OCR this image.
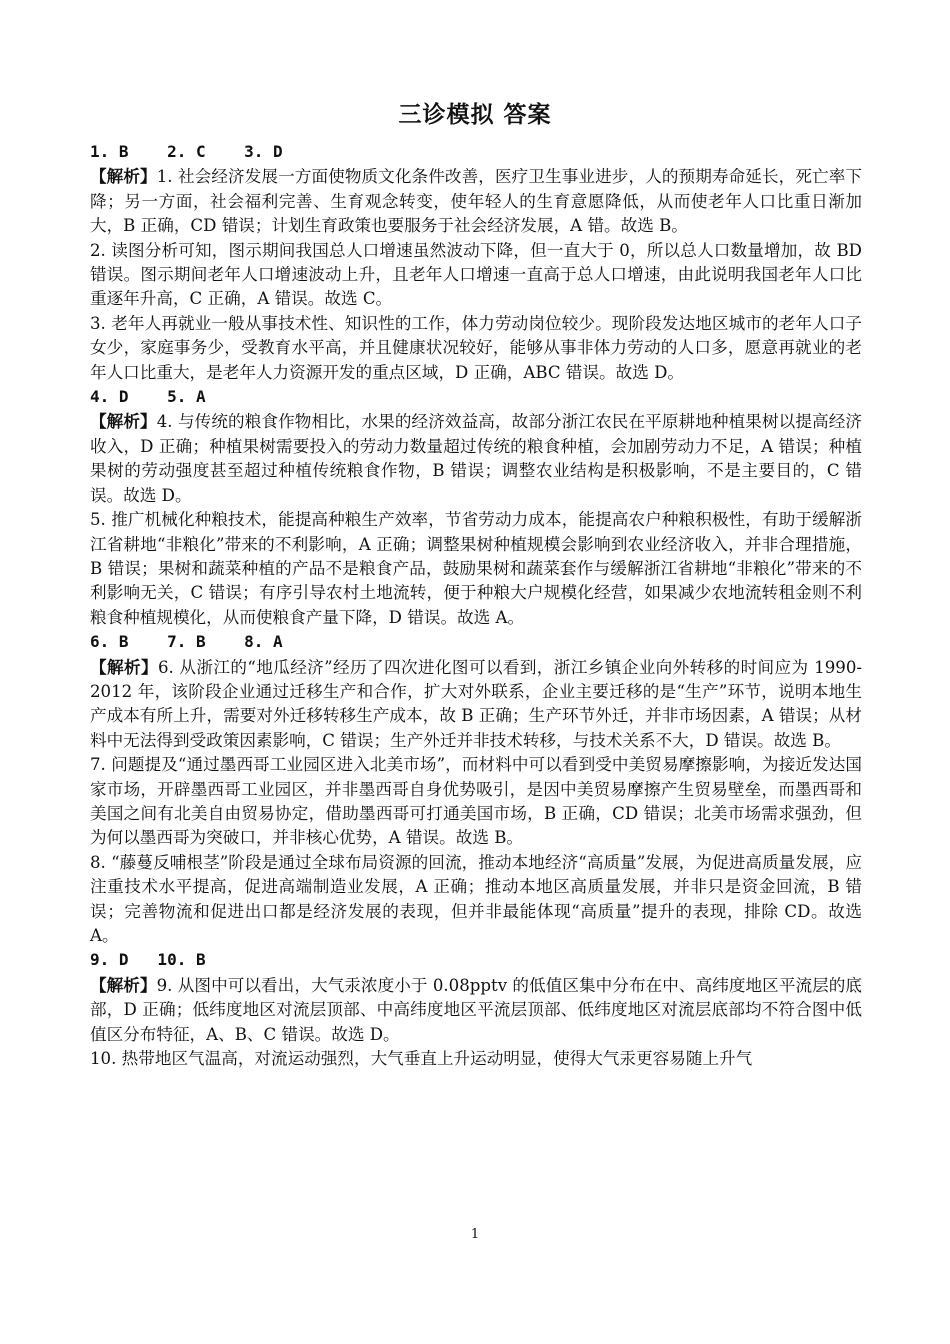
三诊模拟 答案

1. B    2. C    3. D

【解析】1. 社会经济发展一方面使物质文化条件改善，医疗卫生事业进步，人的预期寿命延长，死亡率下降；另一方面，社会福利完善、生育观念转变，使年轻人的生育意愿降低，从而使老年人口比重日渐加大，B 正确，CD 错误；计划生育政策也要服务于社会经济发展，A 错。故选 B。

2. 读图分析可知，图示期间我国总人口增速虽然波动下降，但一直大于 0，所以总人口数量增加，故 BD 错误。图示期间老年人口增速波动上升，且老年人口增速一直高于总人口增速，由此说明我国老年人口比重逐年升高，C 正确，A 错误。故选 C。

3. 老年人再就业一般从事技术性、知识性的工作，体力劳动岗位较少。现阶段发达地区城市的老年人口子女少，家庭事务少，受教育水平高，并且健康状况较好，能够从事非体力劳动的人口多，愿意再就业的老年人口比重大，是老年人力资源开发的重点区域，D 正确，ABC 错误。故选 D。

4. D    5. A

【解析】4. 与传统的粮食作物相比，水果的经济效益高，故部分浙江农民在平原耕地种植果树以提高经济收入，D 正确；种植果树需要投入的劳动力数量超过传统的粮食种植，会加剧劳动力不足，A 错误；种植果树的劳动强度甚至超过种植传统粮食作物，B 错误；调整农业结构是积极影响，不是主要目的，C 错误。故选 D。

5. 推广机械化种粮技术，能提高种粮生产效率，节省劳动力成本，能提高农户种粮积极性，有助于缓解浙江省耕地“非粮化”带来的不利影响，A 正确；调整果树种植规模会影响到农业经济收入，并非合理措施，B 错误；果树和蔬菜种植的产品不是粮食产品，鼓励果树和蔬菜套作与缓解浙江省耕地“非粮化”带来的不利影响无关，C 错误；有序引导农村土地流转，便于种粮大户规模化经营，如果减少农地流转租金则不利粮食种植规模化，从而使粮食产量下降，D 错误。故选 A。

6. B    7. B    8. A

【解析】6. 从浙江的“地瓜经济”经历了四次进化图可以看到，浙江乡镇企业向外转移的时间应为 1990-2012 年，该阶段企业通过迁移生产和合作，扩大对外联系，企业主要迁移的是“生产”环节，说明本地生产成本有所上升，需要对外迁移转移生产成本，故 B 正确；生产环节外迁，并非市场因素，A 错误；从材料中无法得到受政策因素影响，C 错误；生产外迁并非技术转移，与技术关系不大，D 错误。故选 B。

7. 问题提及“通过墨西哥工业园区进入北美市场”，而材料中可以看到受中美贸易摩擦影响，为接近发达国家市场，开辟墨西哥工业园区，并非墨西哥自身优势吸引，是因中美贸易摩擦产生贸易壁垒，而墨西哥和美国之间有北美自由贸易协定，借助墨西哥可打通美国市场，B 正确，CD 错误；北美市场需求强劲，但为何以墨西哥为突破口，并非核心优势，A 错误。故选 B。

8. “藤蔓反哺根茎”阶段是通过全球布局资源的回流，推动本地经济“高质量”发展，为促进高质量发展，应注重技术水平提高，促进高端制造业发展，A 正确；推动本地区高质量发展，并非只是资金回流，B 错误；完善物流和促进出口都是经济发展的表现，但并非最能体现“高质量”提升的表现，排除 CD。故选 A。

9. D   10. B

【解析】9. 从图中可以看出，大气汞浓度小于 0.08pptv 的低值区集中分布在中、高纬度地区平流层的底部，D 正确；低纬度地区对流层顶部、中高纬度地区平流层顶部、低纬度地区对流层底部均不符合图中低值区分布特征，A、B、C 错误。故选 D。

10. 热带地区气温高，对流运动强烈，大气垂直上升运动明显，使得大气汞更容易随上升气

1
